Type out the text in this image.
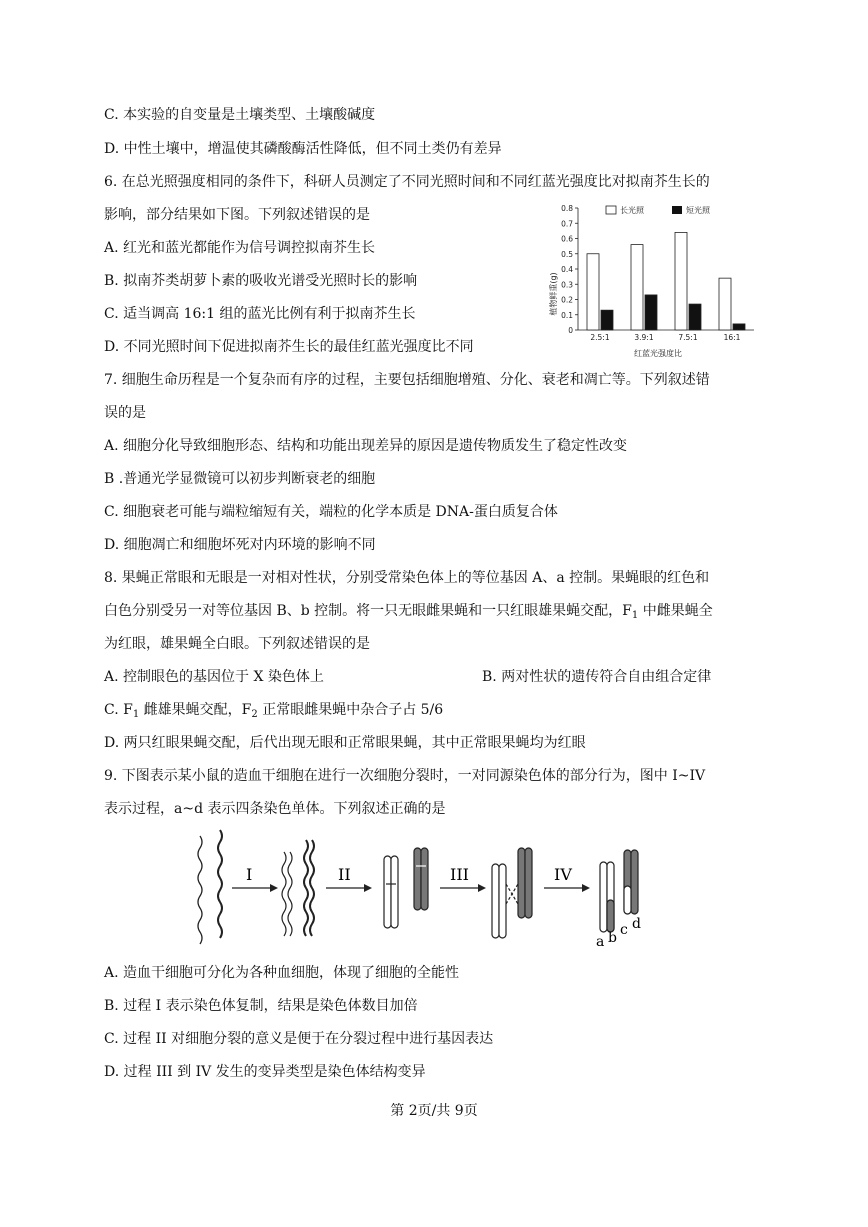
C. 本实验的自变量是土壤类型、土壤酸碱度
D. 中性土壤中，增温使其磷酸酶活性降低，但不同土类仍有差异
6. 在总光照强度相同的条件下，科研人员测定了不同光照时间和不同红蓝光强度比对拟南芥生长的
影响，部分结果如下图。下列叙述错误的是
A. 红光和蓝光都能作为信号调控拟南芥生长
B. 拟南芥类胡萝卜素的吸收光谱受光照时长的影响
C. 适当调高 16:1 组的蓝光比例有利于拟南芥生长
D. 不同光照时间下促进拟南芥生长的最佳红蓝光强度比不同
7. 细胞生命历程是一个复杂而有序的过程，主要包括细胞增殖、分化、衰老和凋亡等。下列叙述错
误的是
A. 细胞分化导致细胞形态、结构和功能出现差异的原因是遗传物质发生了稳定性改变
B .普通光学显微镜可以初步判断衰老的细胞
C. 细胞衰老可能与端粒缩短有关，端粒的化学本质是 DNA-蛋白质复合体
D. 细胞凋亡和细胞坏死对内环境的影响不同
8. 果蝇正常眼和无眼是一对相对性状，分别受常染色体上的等位基因 A、a 控制。果蝇眼的红色和
白色分别受另一对等位基因 B、b 控制。将一只无眼雌果蝇和一只红眼雄果蝇交配，$F_1$ 中雌果蝇全
为红眼，雄果蝇全白眼。下列叙述错误的是
A. 控制眼色的基因位于 X 染色体上	B. 两对性状的遗传符合自由组合定律
C. $F_1$ 雌雄果蝇交配，$F_2$ 正常眼雌果蝇中杂合子占 5/6
D. 两只红眼果蝇交配，后代出现无眼和正常眼果蝇，其中正常眼果蝇均为红眼
9. 下图表示某小鼠的造血干细胞在进行一次细胞分裂时，一对同源染色体的部分行为，图中 I~IV
表示过程，a~d 表示四条染色单体。下列叙述正确的是
A. 造血干细胞可分化为各种血细胞，体现了细胞的全能性
B. 过程 I 表示染色体复制，结果是染色体数目加倍
C. 过程 II 对细胞分裂的意义是便于在分裂过程中进行基因表达
D. 过程 III 到 IV 发生的变异类型是染色体结构变异
0
0.1
0.2
0.3
0.4
0.5
0.6
0.7
0.8
2.5:1	3.9:1	7.5:1	16:1
植物鲜重(g)
红蓝光强度比
长光照	短光照
I	II	III	IV
a b c d
第 2页/共 9页
